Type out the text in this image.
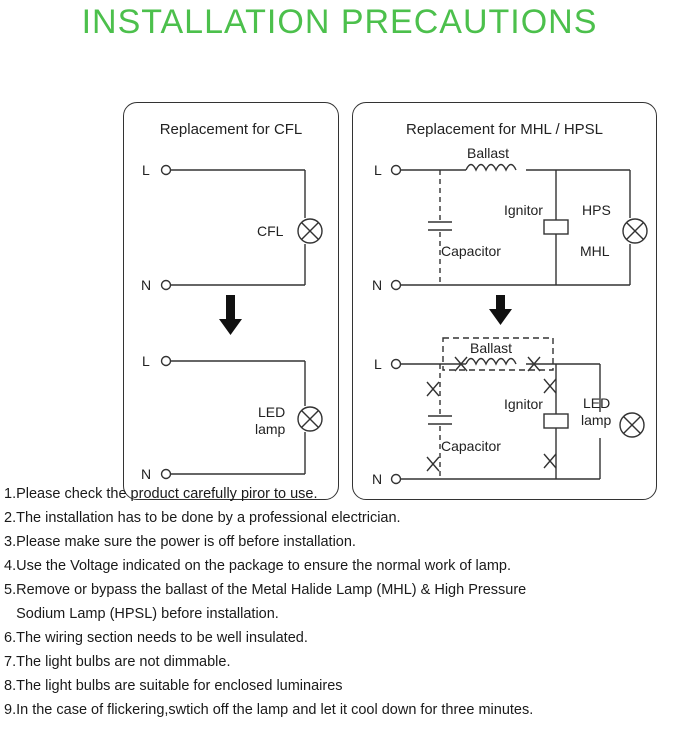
INSTALLATION PRECAUTIONS
Replacement for CFL	Replacement for MHL / HPSL
L
N
CFL
L
N
LED
lamp
L
N
Ballast
Ignitor
Capacitor
HPS
MHL
L
N
Ballast
Ignitor
Capacitor
LED
lamp
1.Please check the product carefully piror to use.
2.The installation has to be done by a professional electrician.
3.Please make sure the power is off before installation.
4.Use the Voltage indicated on the package to ensure the normal work of lamp.
5.Remove or bypass the ballast of the Metal Halide Lamp (MHL) & High Pressure
Sodium Lamp (HPSL) before installation.
6.The wiring section needs to be well insulated.
7.The light bulbs are not dimmable.
8.The light bulbs are suitable for enclosed luminaires
9.In the case of flickering,swtich off the lamp and let it cool down for three minutes.
